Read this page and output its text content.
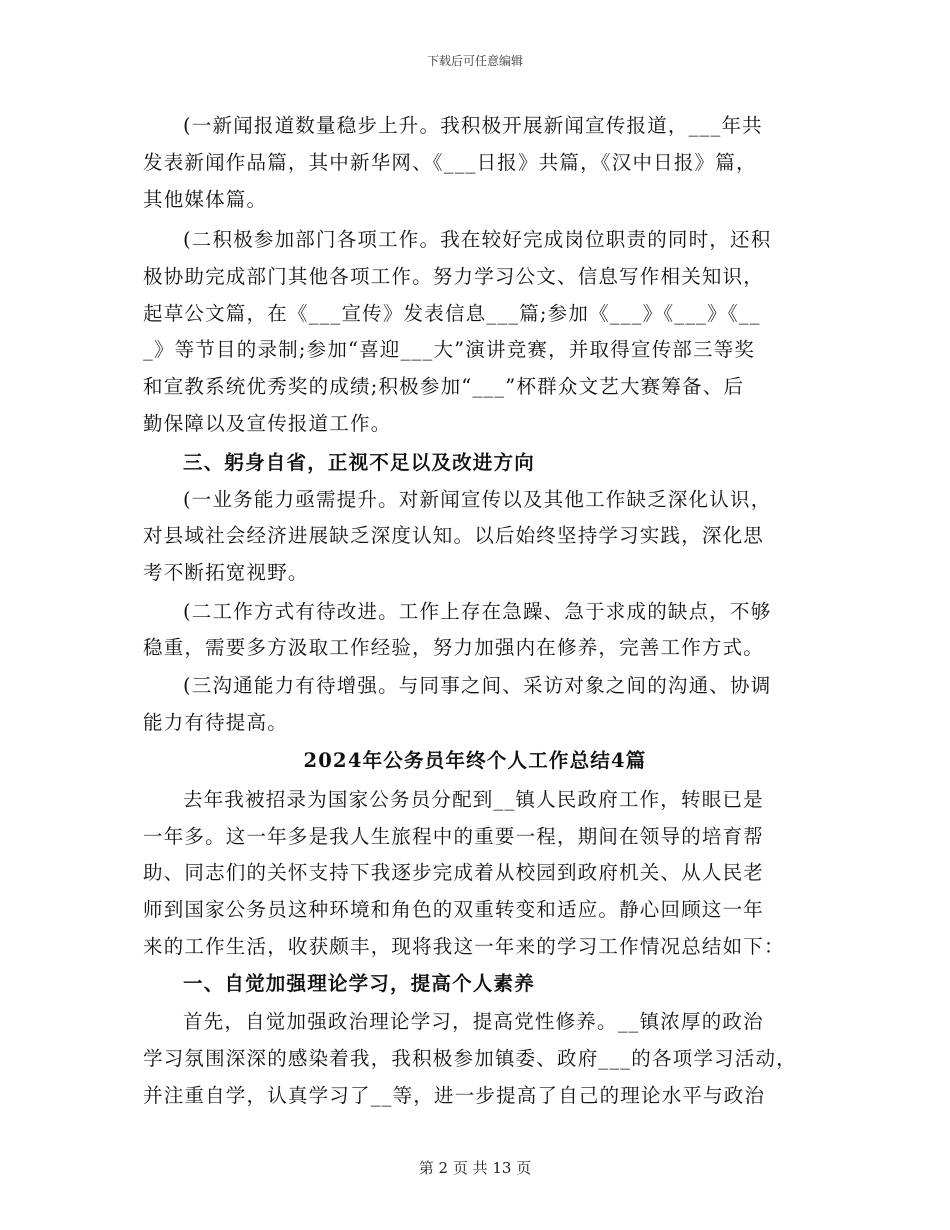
下载后可任意编辑
(一新闻报道数量稳步上升。我积极开展新闻宣传报道，___年共
发表新闻作品篇，其中新华网、《___日报》共篇，《汉中日报》篇，
其他媒体篇。
(二积极参加部门各项工作。我在较好完成岗位职责的同时，还积
极协助完成部门其他各项工作。努力学习公文、信息写作相关知识，
起草公文篇，在《___宣传》发表信息___篇;参加《___》《___》《__
_》等节目的录制;参加“喜迎___大”演讲竞赛，并取得宣传部三等奖
和宣教系统优秀奖的成绩;积极参加“___”杯群众文艺大赛筹备、后
勤保障以及宣传报道工作。
三、躬身自省，正视不足以及改进方向
(一业务能力亟需提升。对新闻宣传以及其他工作缺乏深化认识，
对县域社会经济进展缺乏深度认知。以后始终坚持学习实践，深化思
考不断拓宽视野。
(二工作方式有待改进。工作上存在急躁、急于求成的缺点，不够
稳重，需要多方汲取工作经验，努力加强内在修养，完善工作方式。
(三沟通能力有待增强。与同事之间、采访对象之间的沟通、协调
能力有待提高。
2024年公务员年终个人工作总结4篇
去年我被招录为国家公务员分配到__镇人民政府工作，转眼已是
一年多。这一年多是我人生旅程中的重要一程，期间在领导的培育帮
助、同志们的关怀支持下我逐步完成着从校园到政府机关、从人民老
师到国家公务员这种环境和角色的双重转变和适应。静心回顾这一年
来的工作生活，收获颇丰，现将我这一年来的学习工作情况总结如下：
一、自觉加强理论学习，提高个人素养
首先，自觉加强政治理论学习，提高党性修养。__镇浓厚的政治
学习氛围深深的感染着我，我积极参加镇委、政府___的各项学习活动，
并注重自学，认真学习了__等，进一步提高了自己的理论水平与政治
第 2 页 共 13 页
